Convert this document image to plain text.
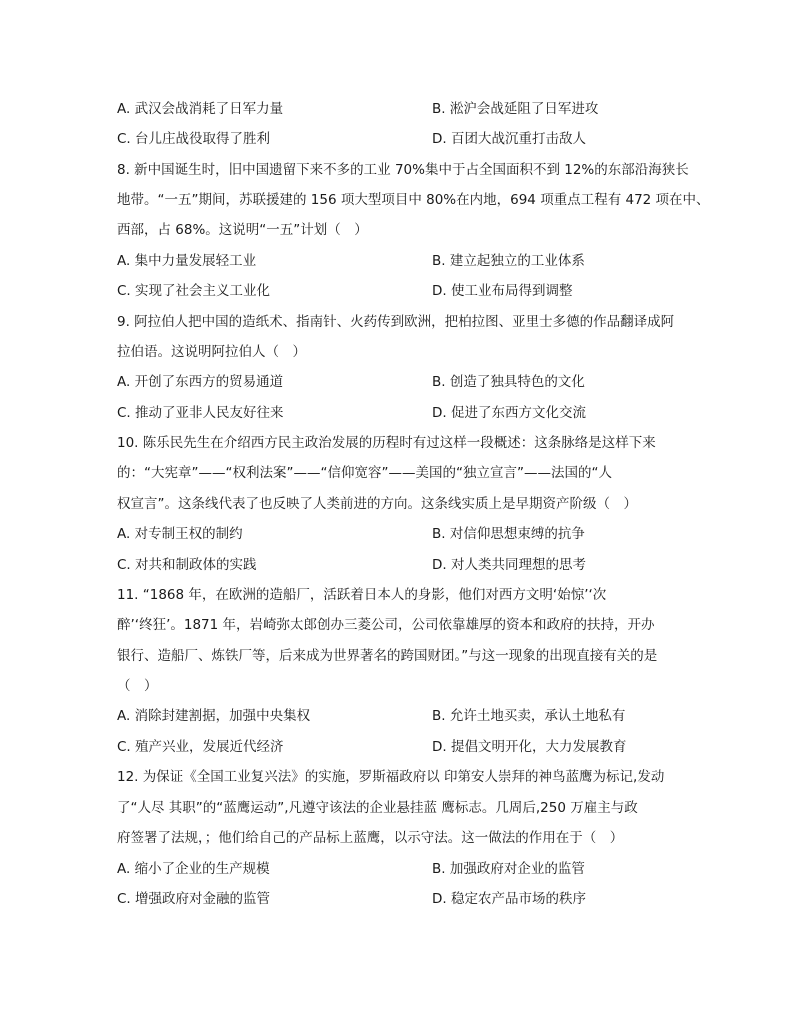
A. 武汉会战消耗了日军力量	B. 淞沪会战延阻了日军进攻
C. 台儿庄战役取得了胜利	D. 百团大战沉重打击敌人
8. 新中国诞生时，旧中国遗留下来不多的工业 70%集中于占全国面积不到 12%的东部沿海狭长
地带。“一五”期间，苏联援建的 156 项大型项目中 80%在内地，694 项重点工程有 472 项在中、
西部，占 68%。这说明“一五”计划（　）
A. 集中力量发展轻工业	B. 建立起独立的工业体系
C. 实现了社会主义工业化	D. 使工业布局得到调整
9. 阿拉伯人把中国的造纸术、指南针、火药传到欧洲，把柏拉图、亚里士多德的作品翻译成阿
拉伯语。这说明阿拉伯人（　）
A. 开创了东西方的贸易通道	B. 创造了独具特色的文化
C. 推动了亚非人民友好往来	D. 促进了东西方文化交流
10. 陈乐民先生在介绍西方民主政治发展的历程时有过这样一段概述：这条脉络是这样下来
的：“大宪章”——“权利法案”——“信仰宽容”——美国的“独立宣言”——法国的“人
权宣言”。这条线代表了也反映了人类前进的方向。这条线实质上是早期资产阶级（　）
A. 对专制王权的制约	B. 对信仰思想束缚的抗争
C. 对共和制政体的实践	D. 对人类共同理想的思考
11. “1868 年，在欧洲的造船厂，活跃着日本人的身影，他们对西方文明‘始惊’‘次
醉’‘终狂’。1871 年，岩崎弥太郎创办三菱公司，公司依靠雄厚的资本和政府的扶持，开办
银行、造船厂、炼铁厂等，后来成为世界著名的跨国财团。”与这一现象的出现直接有关的是
（　）
A. 消除封建割据，加强中央集权	B. 允许土地买卖，承认土地私有
C. 殖产兴业，发展近代经济	D. 提倡文明开化，大力发展教育
12. 为保证《全国工业复兴法》的实施，罗斯福政府以 印第安人崇拜的神鸟蓝鹰为标记,发动
了“人尽 其职”的“蓝鹰运动”,凡遵守该法的企业悬挂蓝 鹰标志。几周后,250 万雇主与政
府签署了法规，；他们给自己的产品标上蓝鹰，以示守法。这一做法的作用在于（　）
A. 缩小了企业的生产规模	B. 加强政府对企业的监管
C. 增强政府对金融的监管	D. 稳定农产品市场的秩序
